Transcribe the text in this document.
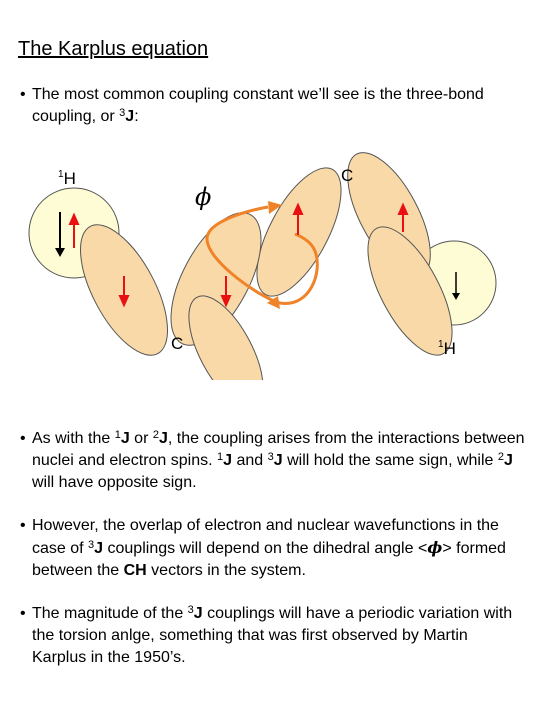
The Karplus equation
• The most common coupling constant we’ll see is the three-bond coupling, or $^3$J:
$^1$H	C
C	$^1$H
ϕ
• As with the $^1$J or $^2$J, the coupling arises from the interactions between nuclei and electron spins. $^1$J and $^3$J will hold the same sign, while $^2$J will have opposite sign.
• However, the overlap of electron and nuclear wavefunctions in the case of $^3$J couplings will depend on the dihedral angle <ϕ> formed between the CH vectors in the system.
• The magnitude of the $^3$J couplings will have a periodic variation with the torsion anlge, something that was first observed by Martin Karplus in the 1950’s.
